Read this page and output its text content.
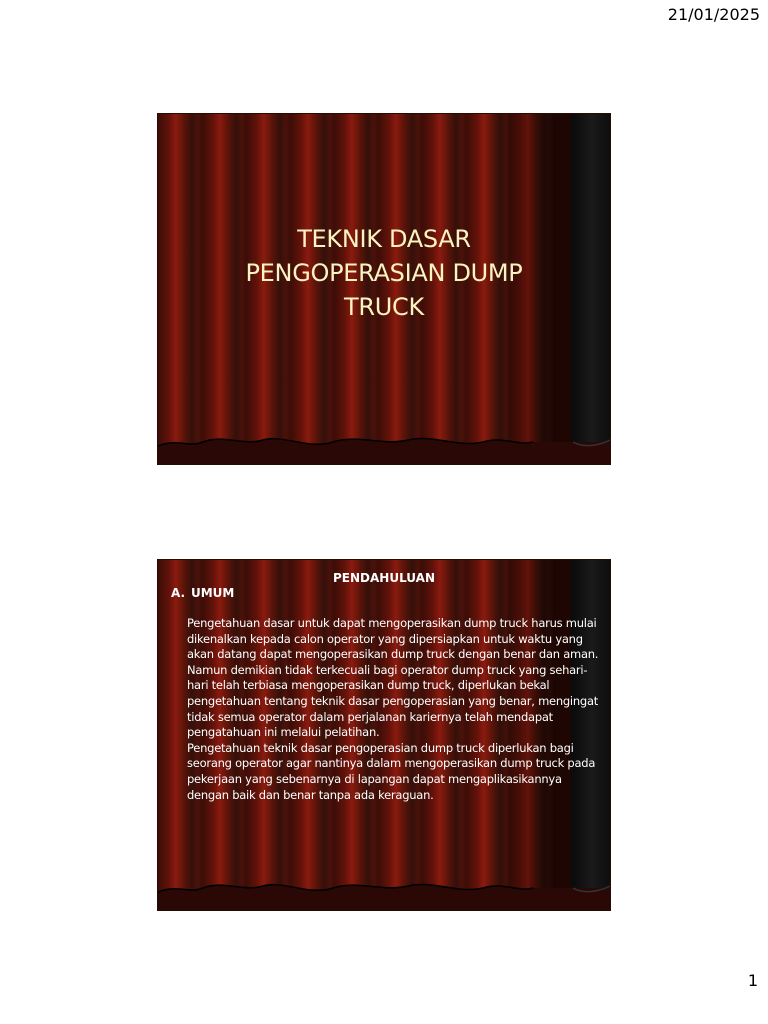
21/01/2025
TEKNIK DASAR
PENGOPERASIAN DUMP
TRUCK
PENDAHULUAN
A. UMUM

Pengetahuan dasar untuk dapat mengoperasikan dump truck harus mulai dikenalkan kepada calon operator yang dipersiapkan untuk waktu yang akan datang dapat mengoperasikan dump truck dengan benar dan aman. Namun demikian tidak terkecuali bagi operator dump truck yang sehari-hari telah terbiasa mengoperasikan dump truck, diperlukan bekal pengetahuan tentang teknik dasar pengoperasian yang benar, mengingat tidak semua operator dalam perjalanan kariernya telah mendapat pengatahuan ini melalui pelatihan.

Pengetahuan teknik dasar pengoperasian dump truck diperlukan bagi seorang operator agar nantinya dalam mengoperasikan dump truck pada pekerjaan yang sebenarnya di lapangan dapat mengaplikasikannya dengan baik dan benar tanpa ada keraguan.

1
